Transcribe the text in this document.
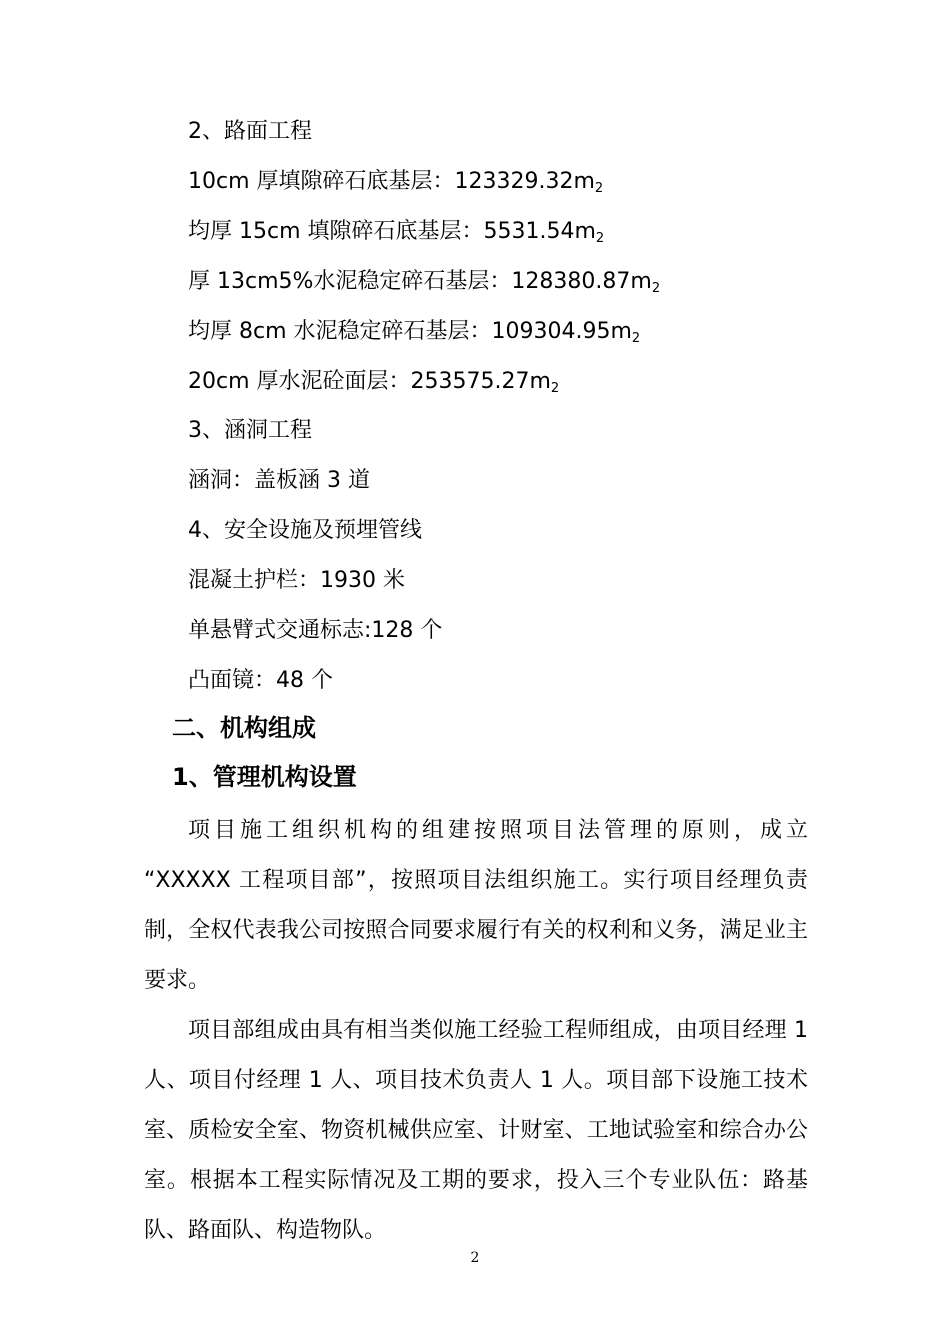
2、路面工程
10cm 厚填隙碎石底基层：$123329.32m_2$
均厚 15cm 填隙碎石底基层：$5531.54m_2$
厚 13cm5%水泥稳定碎石基层：$128380.87m_2$
均厚 8cm 水泥稳定碎石基层：$109304.95m_2$
20cm 厚水泥砼面层：$253575.27m_2$
3、涵洞工程
涵洞：盖板涵 3 道
4、安全设施及预埋管线
混凝土护栏：1930 米
单悬臂式交通标志:128 个
凸面镜：48 个
二、机构组成
1、管理机构设置

项目施工组织机构的组建按照项目法管理的原则，成立 “XXXXX 工程项目部”，按照项目法组织施工。实行项目经理负责制，全权代表我公司按照合同要求履行有关的权利和义务，满足业主要求。

项目部组成由具有相当类似施工经验工程师组成，由项目经理 1 人、项目付经理 1 人、项目技术负责人 1 人。项目部下设施工技术室、质检安全室、物资机械供应室、计财室、工地试验室和综合办公室。根据本工程实际情况及工期的要求，投入三个专业队伍：路基队、路面队、构造物队。

2
